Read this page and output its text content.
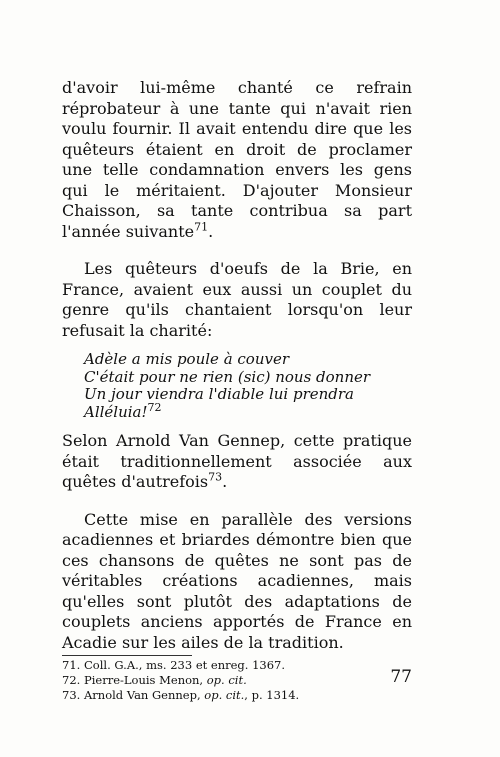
d'avoir lui-même chanté ce refrain réprobateur à une tante qui n'avait rien voulu fournir. Il avait entendu dire que les quêteurs étaient en droit de proclamer une telle condamnation envers les gens qui le méritaient. D'ajouter Monsieur Chaisson, sa tante contribua sa part l'année suivante$^{71}$.

Les quêteurs d'oeufs de la Brie, en France, avaient eux aussi un couplet du genre qu'ils chantaient lorsqu'on leur refusait la charité:

Adèle a mis poule à couver
C'était pour ne rien (sic) nous donner
Un jour viendra l'diable lui prendra
Alléluia!$^{72}$

Selon Arnold Van Gennep, cette pratique était traditionnellement associée aux quêtes d'autrefois$^{73}$.

Cette mise en parallèle des versions acadiennes et briardes démontre bien que ces chansons de quêtes ne sont pas de véritables créations acadiennes, mais qu'elles sont plutôt des adaptations de couplets anciens apportés de France en Acadie sur les ailes de la tradition.

71. Coll. G.A., ms. 233 et enreg. 1367.
72. Pierre-Louis Menon, op. cit.
73. Arnold Van Gennep, op. cit., p. 1314.
77
